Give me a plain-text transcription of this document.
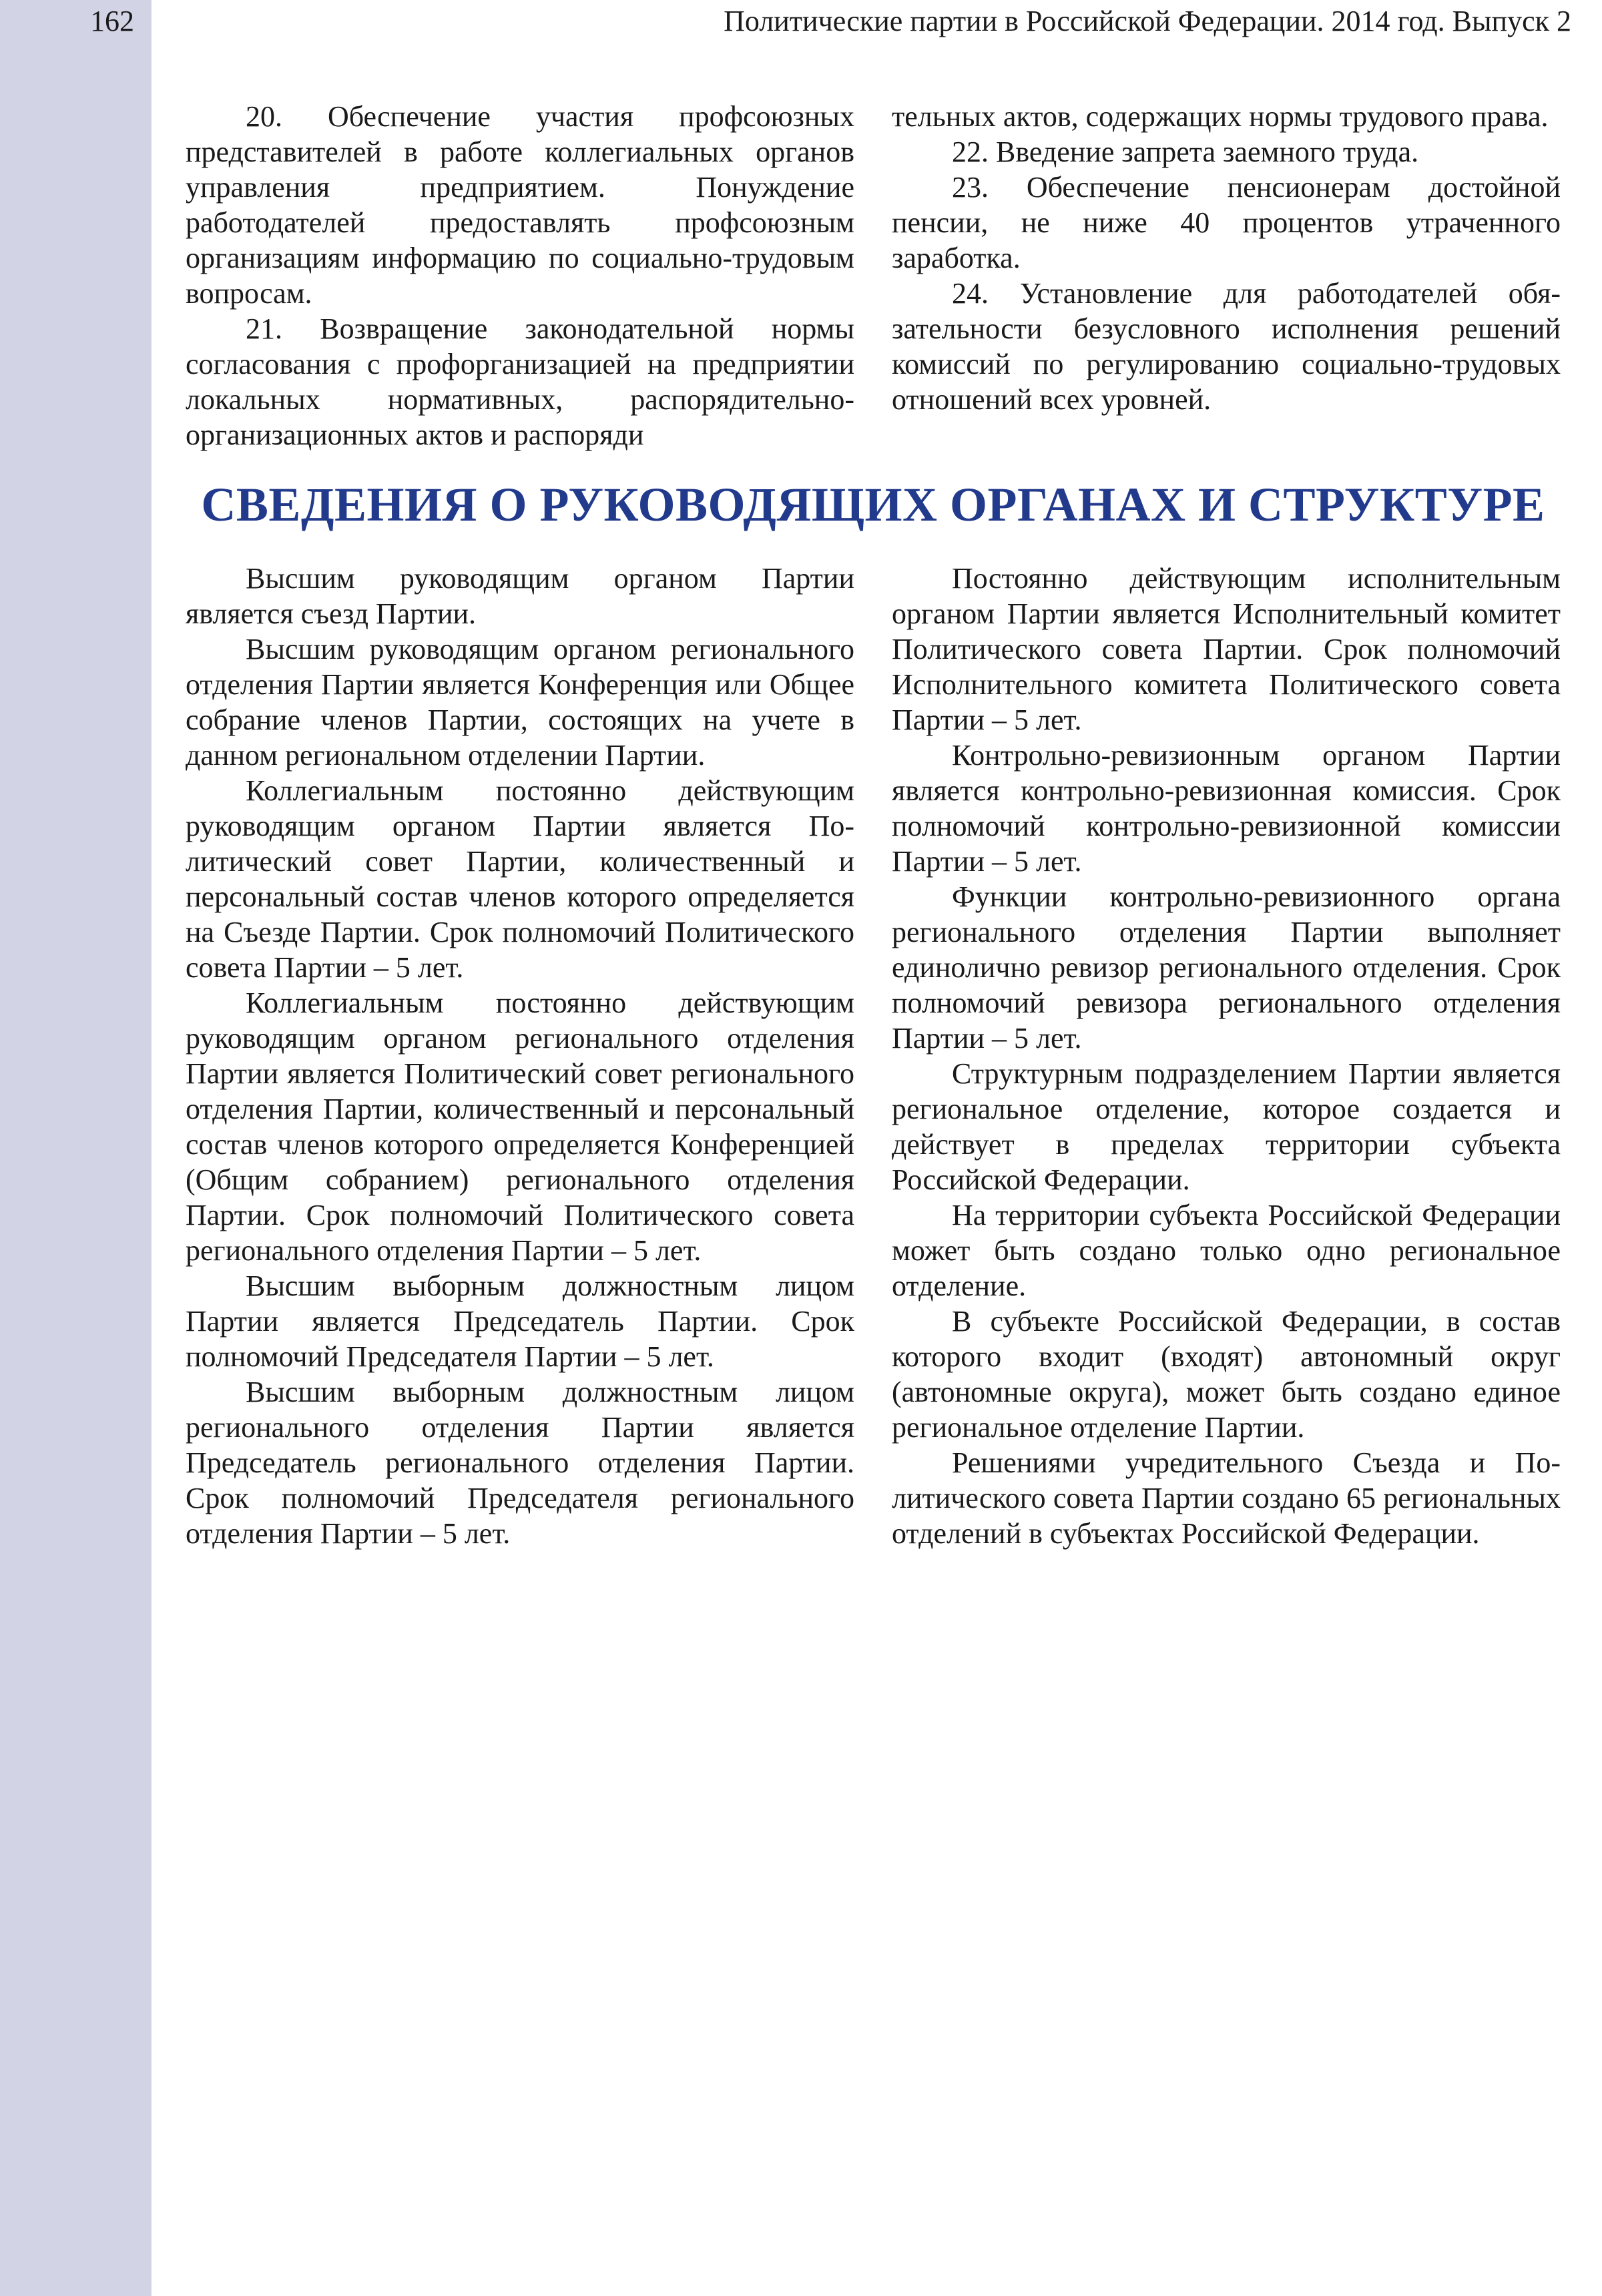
162	Политические партии в Российской Федерации. 2014 год. Выпуск 2

20. Обеспечение участия профсоюзных представителей в работе коллегиальных органов управления предприятием. Понуждение работодателей предоставлять профсоюзным организациям информацию по социально-трудовым вопросам.

21. Возвращение законодательной нормы согласования с профорганизацией на предприятии локальных нормативных, распорядительно-организационных актов и распоряди

тельных актов, содержащих нормы трудового права.

22. Введение запрета заемного труда.

23. Обеспечение пенсионерам достойной пенсии, не ниже 40 процентов утраченного заработка.

24. Установление для работодателей обязательности безусловного исполнения решений комиссий по регулированию социально-трудовых отношений всех уровней.

СВЕДЕНИЯ О РУКОВОДЯЩИХ ОРГАНАХ И СТРУКТУРЕ

Высшим руководящим органом Партии является съезд Партии.

Высшим руководящим органом регионального отделения Партии является Конференция или Общее собрание членов Партии, состоящих на учете в данном региональном отделении Партии.

Коллегиальным постоянно действующим руководящим органом Партии является Политический совет Партии, количественный и персональный состав членов которого определяется на Съезде Партии. Срок полномочий Политического совета Партии – 5 лет.

Коллегиальным постоянно действующим руководящим органом регионального отделения Партии является Политический совет регионального отделения Партии, количественный и персональный состав членов которого определяется Конференцией (Общим собранием) регионального отделения Партии. Срок полномочий Политического совета регионального отделения Партии – 5 лет.

Высшим выборным должностным лицом Партии является Председатель Партии. Срок полномочий Председателя Партии – 5 лет.

Высшим выборным должностным лицом регионального отделения Партии является Председатель регионального отделения Партии. Срок полномочий Председателя регионального отделения Партии – 5 лет.

Постоянно действующим исполнительным органом Партии является Исполнительный комитет Политического совета Партии. Срок полномочий Исполнительного комитета Политического совета Партии – 5 лет.

Контрольно-ревизионным органом Партии является контрольно-ревизионная комиссия. Срок полномочий контрольно-ревизионной комиссии Партии – 5 лет.

Функции контрольно-ревизионного органа регионального отделения Партии выполняет единолично ревизор регионального отделения. Срок полномочий ревизора регионального отделения Партии – 5 лет.

Структурным подразделением Партии является региональное отделение, которое создается и действует в пределах территории субъекта Российской Федерации.

На территории субъекта Российской Федерации может быть создано только одно региональное отделение.

В субъекте Российской Федерации, в состав которого входит (входят) автономный округ (автономные округа), может быть создано единое региональное отделение Партии.

Решениями учредительного Съезда и Политического совета Партии создано 65 региональных отделений в субъектах Российской Федерации.
